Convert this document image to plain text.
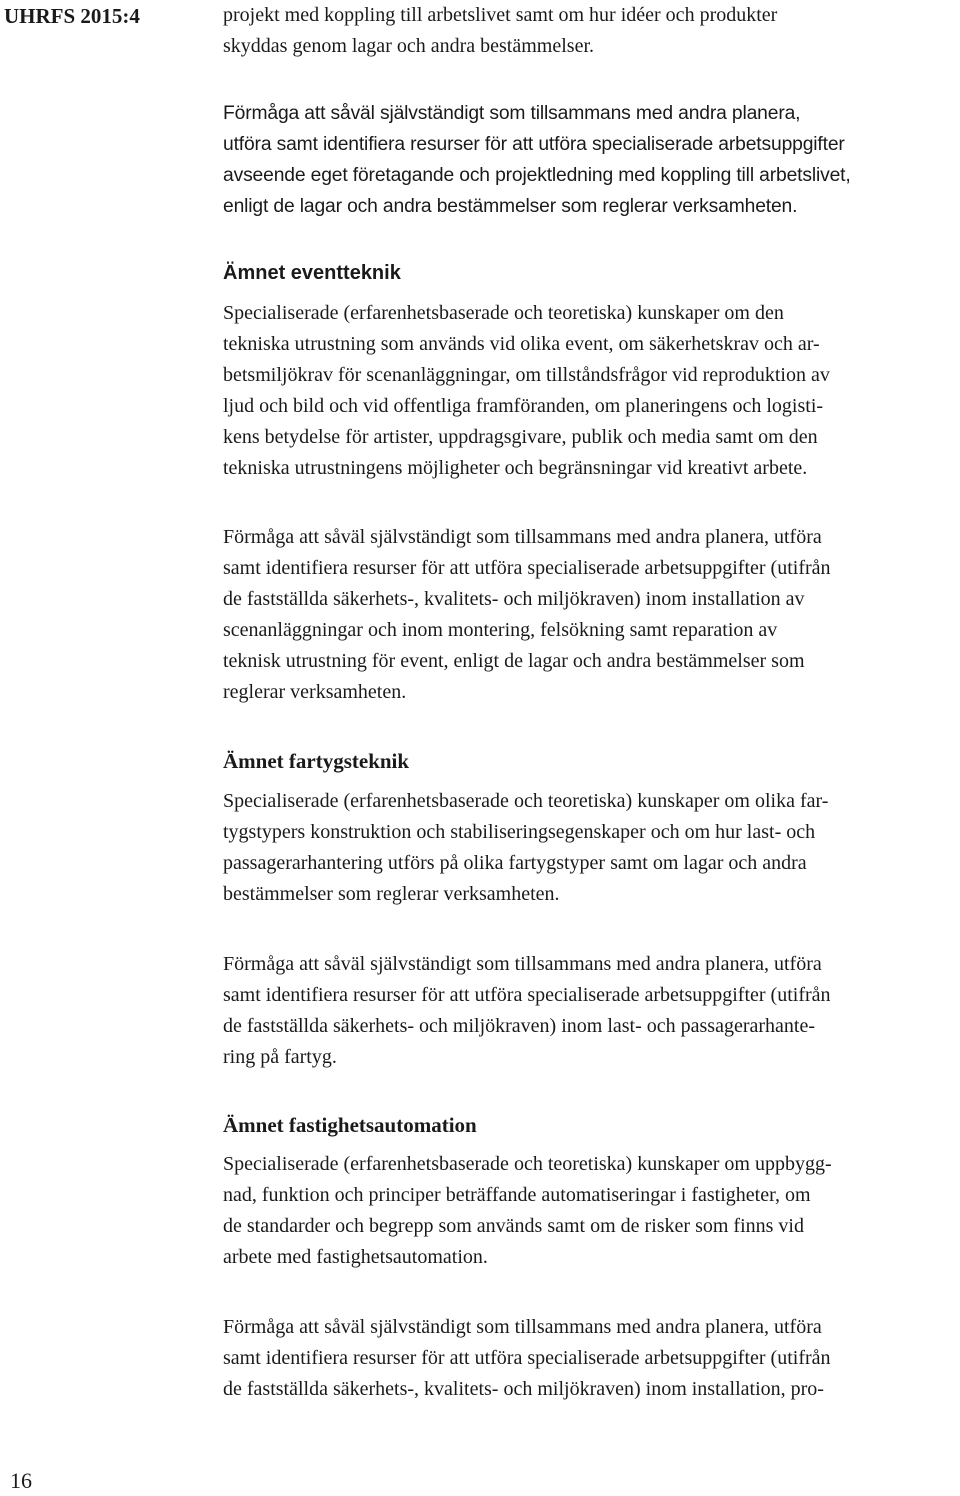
UHRFS 2015:4	projekt med koppling till arbetslivet samt om hur idéer och produkter
skyddas genom lagar och andra bestämmelser.

Förmåga att såväl självständigt som tillsammans med andra planera,
utföra samt identifiera resurser för att utföra specialiserade arbetsuppgifter
avseende eget företagande och projektledning med koppling till arbetslivet,
enligt de lagar och andra bestämmelser som reglerar verksamheten.

Ämnet eventteknik

Specialiserade (erfarenhetsbaserade och teoretiska) kunskaper om den
tekniska utrustning som används vid olika event, om säkerhetskrav och ar-
betsmiljökrav för scenanläggningar, om tillståndsfrågor vid reproduktion av
ljud och bild och vid offentliga framföranden, om planeringens och logisti-
kens betydelse för artister, uppdragsgivare, publik och media samt om den
tekniska utrustningens möjligheter och begränsningar vid kreativt arbete.

Förmåga att såväl självständigt som tillsammans med andra planera, utföra
samt identifiera resurser för att utföra specialiserade arbetsuppgifter (utifrån
de fastställda säkerhets-, kvalitets- och miljökraven) inom installation av
scenanläggningar och inom montering, felsökning samt reparation av
teknisk utrustning för event, enligt de lagar och andra bestämmelser som
reglerar verksamheten.

Ämnet fartygsteknik

Specialiserade (erfarenhetsbaserade och teoretiska) kunskaper om olika far-
tygstypers konstruktion och stabiliseringsegenskaper och om hur last- och
passagerarhantering utförs på olika fartygstyper samt om lagar och andra
bestämmelser som reglerar verksamheten.

Förmåga att såväl självständigt som tillsammans med andra planera, utföra
samt identifiera resurser för att utföra specialiserade arbetsuppgifter (utifrån
de fastställda säkerhets- och miljökraven) inom last- och passagerarhante-
ring på fartyg.

Ämnet fastighetsautomation

Specialiserade (erfarenhetsbaserade och teoretiska) kunskaper om uppbygg-
nad, funktion och principer beträffande automatiseringar i fastigheter, om
de standarder och begrepp som används samt om de risker som finns vid
arbete med fastighetsautomation.

Förmåga att såväl självständigt som tillsammans med andra planera, utföra
samt identifiera resurser för att utföra specialiserade arbetsuppgifter (utifrån
de fastställda säkerhets-, kvalitets- och miljökraven) inom installation, pro-

16
